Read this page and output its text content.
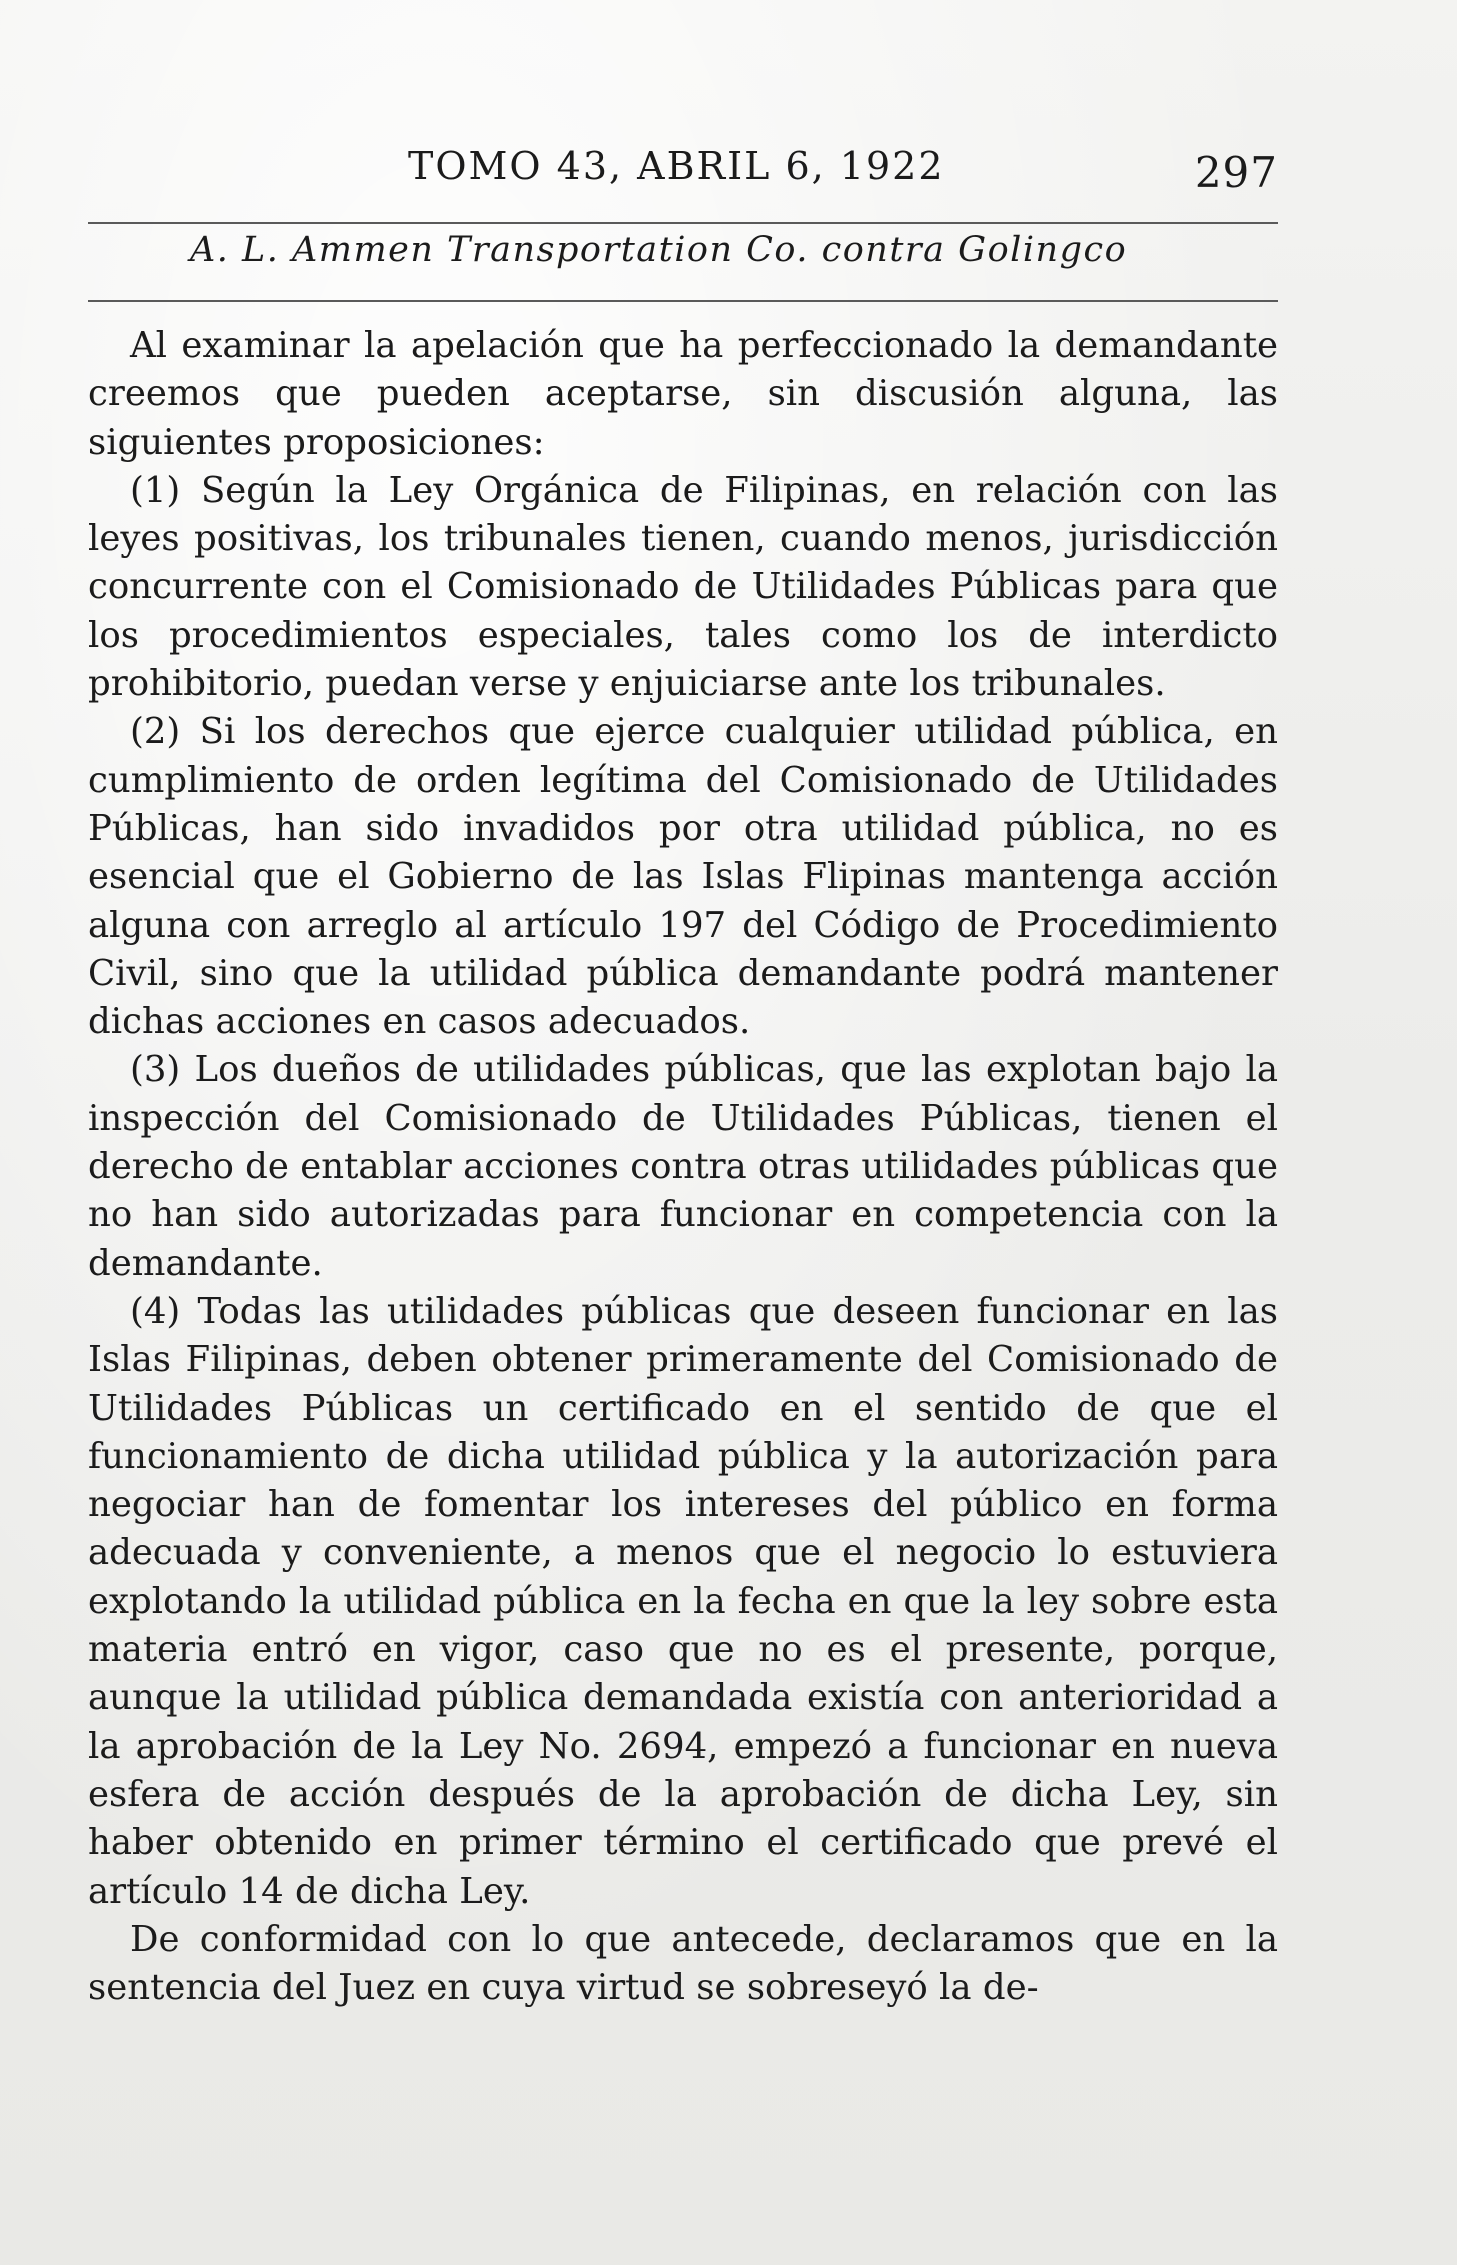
TOMO 43, ABRIL 6, 1922	297
A. L. Ammen Transportation Co. contra Golingco

Al examinar la apelación que ha perfeccionado la demandante creemos que pueden aceptarse, sin discusión alguna, las siguientes proposiciones:

(1) Según la Ley Orgánica de Filipinas, en relación con las leyes positivas, los tribunales tienen, cuando menos, jurisdicción concurrente con el Comisionado de Utilidades Públicas para que los procedimientos especiales, tales como los de interdicto prohibitorio, puedan verse y enjuiciarse ante los tribunales.

(2) Si los derechos que ejerce cualquier utilidad pública, en cumplimiento de orden legítima del Comisionado de Utilidades Públicas, han sido invadidos por otra utilidad pública, no es esencial que el Gobierno de las Islas Flipinas mantenga acción alguna con arreglo al artículo 197 del Código de Procedimiento Civil, sino que la utilidad pública demandante podrá mantener dichas acciones en casos adecuados.

(3) Los dueños de utilidades públicas, que las explotan bajo la inspección del Comisionado de Utilidades Públicas, tienen el derecho de entablar acciones contra otras utilidades públicas que no han sido autorizadas para funcionar en competencia con la demandante.

(4) Todas las utilidades públicas que deseen funcionar en las Islas Filipinas, deben obtener primeramente del Comisionado de Utilidades Públicas un certificado en el sentido de que el funcionamiento de dicha utilidad pública y la autorización para negociar han de fomentar los intereses del público en forma adecuada y conveniente, a menos que el negocio lo estuviera explotando la utilidad pública en la fecha en que la ley sobre esta materia entró en vigor, caso que no es el presente, porque, aunque la utilidad pública demandada existía con anterioridad a la aprobación de la Ley No. 2694, empezó a funcionar en nueva esfera de acción después de la aprobación de dicha Ley, sin haber obtenido en primer término el certificado que prevé el artículo 14 de dicha Ley.

De conformidad con lo que antecede, declaramos que en la sentencia del Juez en cuya virtud se sobreseyó la de-
